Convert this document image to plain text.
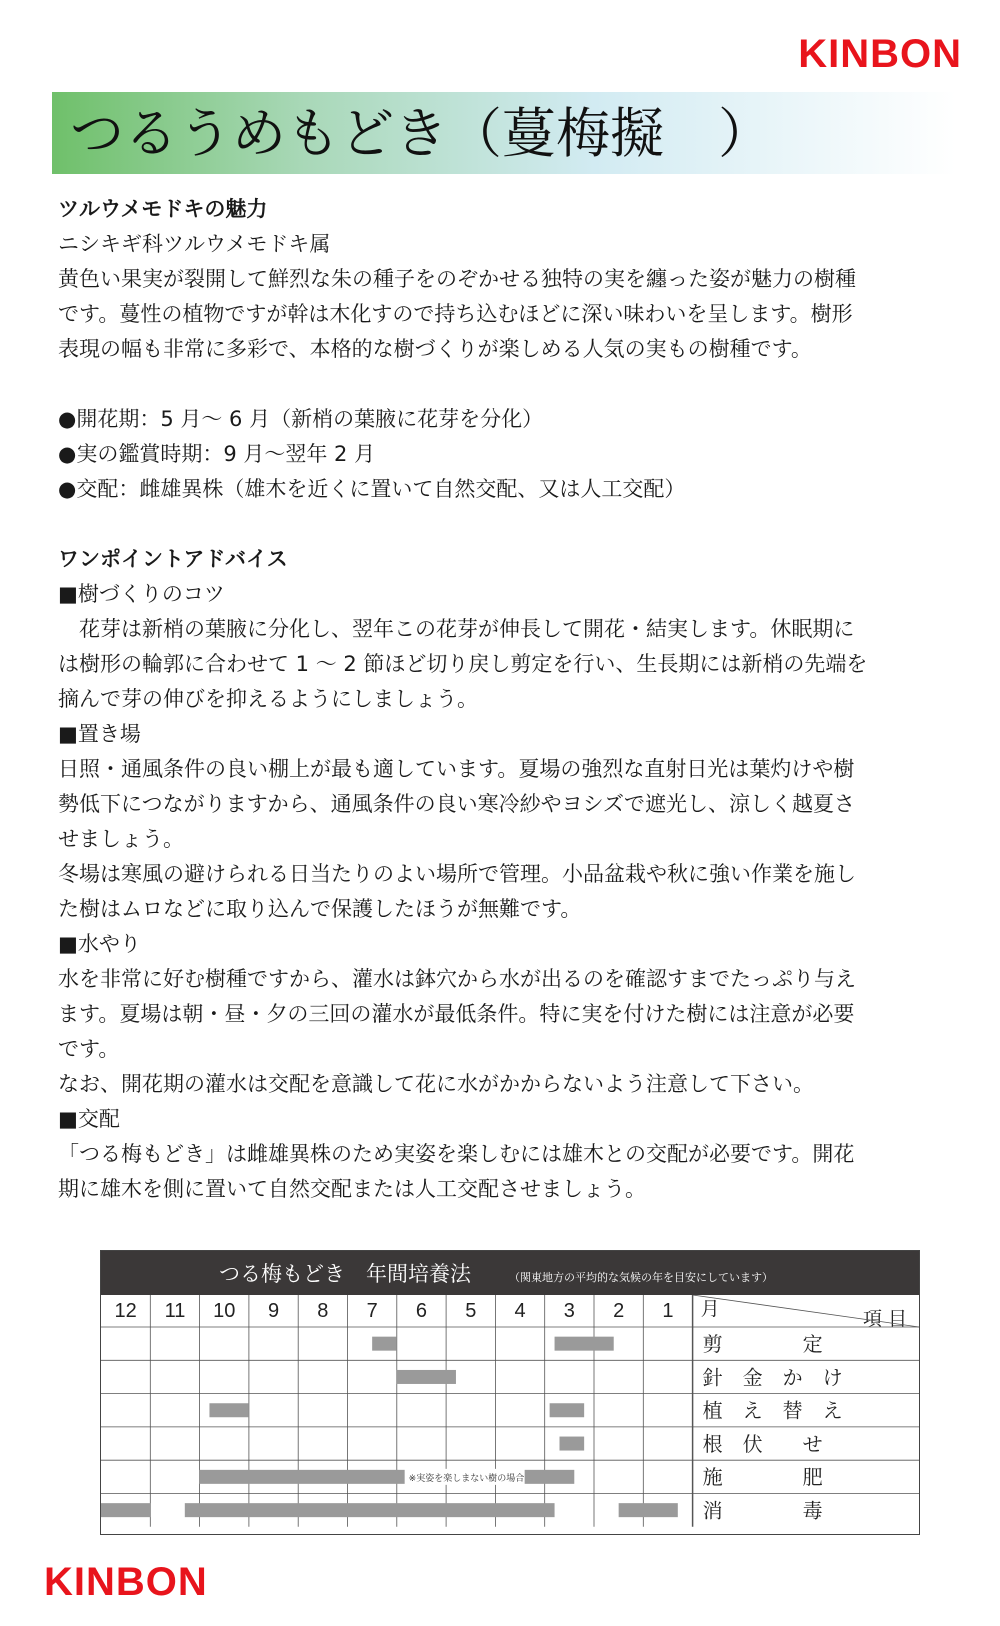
KINBON
つるうめもどき（蔓梅擬　）

ツルウメモドキの魅力

ニシキギ科ツルウメモドキ属

黄色い果実が裂開して鮮烈な朱の種子をのぞかせる独特の実を纏った姿が魅力の樹種

です。蔓性の植物ですが幹は木化すので持ち込むほどに深い味わいを呈します。樹形

表現の幅も非常に多彩で、本格的な樹づくりが楽しめる人気の実もの樹種です。

●開花期：5 月〜 6 月（新梢の葉腋に花芽を分化）

●実の鑑賞時期：9 月〜翌年 2 月

●交配：雌雄異株（雄木を近くに置いて自然交配、又は人工交配）

ワンポイントアドバイス

■樹づくりのコツ

花芽は新梢の葉腋に分化し、翌年この花芽が伸長して開花・結実します。休眠期に

は樹形の輪郭に合わせて 1 〜 2 節ほど切り戻し剪定を行い、生長期には新梢の先端を

摘んで芽の伸びを抑えるようにしましょう。

■置き場

日照・通風条件の良い棚上が最も適しています。夏場の強烈な直射日光は葉灼けや樹

勢低下につながりますから、通風条件の良い寒冷紗やヨシズで遮光し、涼しく越夏さ

せましょう。

冬場は寒風の避けられる日当たりのよい場所で管理。小品盆栽や秋に強い作業を施し

た樹はムロなどに取り込んで保護したほうが無難です。

■水やり

水を非常に好む樹種ですから、灌水は鉢穴から水が出るのを確認すまでたっぷり与え

ます。夏場は朝・昼・夕の三回の灌水が最低条件。特に実を付けた樹には注意が必要

です。

なお、開花期の灌水は交配を意識して花に水がかからないよう注意して下さい。

■交配

「つる梅もどき」は雌雄異株のため実姿を楽しむには雄木との交配が必要です。開花

期に雄木を側に置いて自然交配または人工交配させましょう。

つる梅もどき　年間培養法	（関東地方の平均的な気候の年を目安にしています）
12 11 10 9 8 7 6 5 4 3 2 1 月	項 目
剪　　　　定
針　金　か　け
植　え　替　え
根　伏　　せ
施　　　　肥
消　　　　毒
※実姿を楽しまない樹の場合
KINBON
